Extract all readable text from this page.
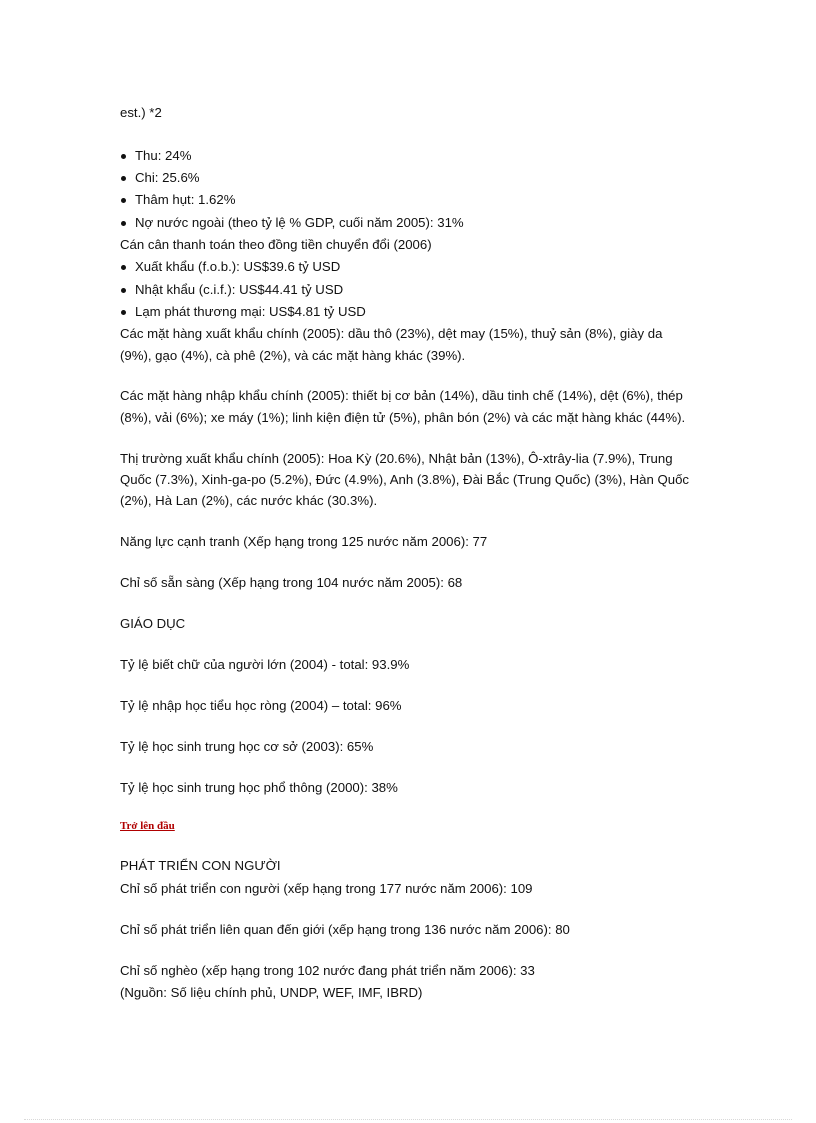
est.) *2
Thu: 24%
Chi: 25.6%
Thâm hụt: 1.62%
Nợ nước ngoài (theo tỷ lệ % GDP, cuối năm 2005): 31%
Cán cân thanh toán theo đồng tiền chuyển đổi (2006)
Xuất khẩu (f.o.b.): US$39.6 tỷ USD
Nhật khẩu (c.i.f.): US$44.41 tỷ USD
Lạm phát thương mại: US$4.81 tỷ USD
Các mặt hàng xuất khẩu chính (2005): dầu thô (23%), dệt may (15%), thuỷ sản (8%), giày da
(9%), gạo (4%), cà phê (2%), và các mặt hàng khác (39%).
Các mặt hàng nhập khẩu chính (2005): thiết bị cơ bản (14%), dầu tinh chế (14%), dệt (6%), thép
(8%), vải (6%); xe máy (1%); linh kiện điện tử (5%), phân bón (2%) và các mặt hàng khác (44%).
Thị trường xuất khẩu chính (2005): Hoa Kỳ (20.6%), Nhật bản (13%), Ô-xtrây-lia (7.9%), Trung
Quốc (7.3%), Xinh-ga-po (5.2%), Đức (4.9%), Anh (3.8%), Đài Bắc (Trung Quốc) (3%), Hàn Quốc
(2%), Hà Lan (2%), các nước khác (30.3%).
Năng lực cạnh tranh (Xếp hạng trong 125 nước năm 2006): 77
Chỉ số sẵn sàng (Xếp hạng trong 104 nước năm 2005): 68
GIÁO DỤC
Tỷ lệ biết chữ của người lớn (2004) - total: 93.9%
Tỷ lệ nhập học tiểu học ròng (2004) – total: 96%
Tỷ lệ học sinh trung học cơ sở (2003): 65%
Tỷ lệ học sinh trung học phổ thông (2000): 38%
Trở lên đầu
PHÁT TRIỂN CON NGƯỜI
Chỉ số phát triển con người (xếp hạng trong 177 nước năm 2006): 109
Chỉ số phát triển liên quan đến giới (xếp hạng trong 136 nước năm 2006): 80
Chỉ số nghèo (xếp hạng trong 102 nước đang phát triển năm 2006): 33
(Nguồn: Số liệu chính phủ, UNDP, WEF, IMF, IBRD)
